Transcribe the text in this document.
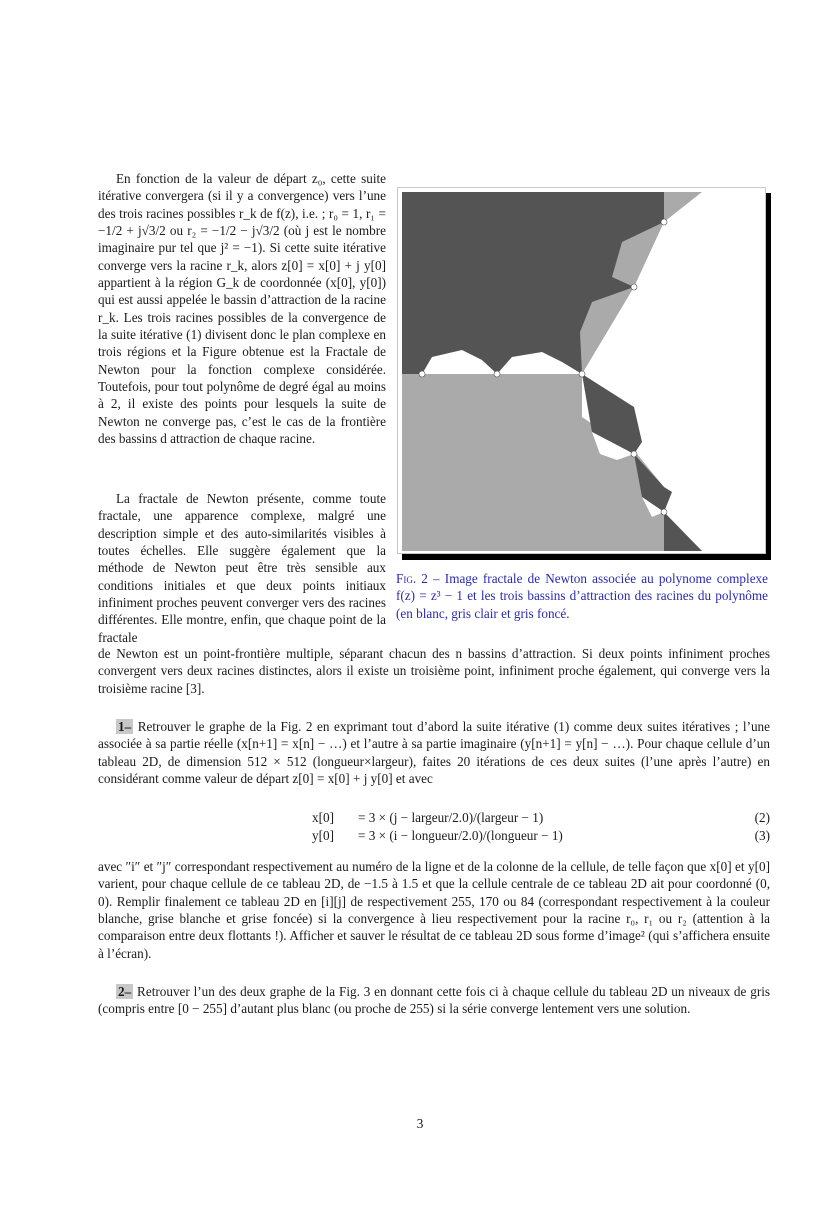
En fonction de la valeur de départ z₀, cette suite itérative convergera (si il y a convergence) vers l’une des trois racines possibles r_k de f(z), i.e. ; r₀ = 1, r₁ = −1/2 + j√3/2 ou r₂ = −1/2 − j√3/2 (où j est le nombre imaginaire pur tel que j² = −1). Si cette suite itérative converge vers la racine r_k, alors z[0] = x[0] + j y[0] appartient à la région G_k de coordonnée (x[0], y[0]) qui est aussi appelée le bassin d’attraction de la racine r_k. Les trois racines possibles de la convergence de la suite itérative (1) divisent donc le plan complexe en trois régions et la Figure obtenue est la Fractale de Newton pour la fonction complexe considérée. Toutefois, pour tout polynôme de degré égal au moins à 2, il existe des points pour lesquels la suite de Newton ne converge pas, c’est le cas de la frontière des bassins d attraction de chaque racine.
La fractale de Newton présente, comme toute fractale, une apparence complexe, malgré une description simple et des auto-similarités visibles à toutes échelles. Elle suggère également que la méthode de Newton peut être très sensible aux conditions initiales et que deux points initiaux infiniment proches peuvent converger vers des racines différentes. Elle montre, enfin, que chaque point de la fractale
de Newton est un point-frontière multiple, séparant chacun des n bassins d’attraction. Si deux points infiniment proches convergent vers deux racines distinctes, alors il existe un troisième point, infiniment proche également, qui converge vers la troisième racine [3].
Fig. 2 – Image fractale de Newton associée au polynome complexe f(z) = z³ − 1 et les trois bassins d’attraction des racines du polynôme (en blanc, gris clair et gris foncé.
1– Retrouver le graphe de la Fig. 2 en exprimant tout d’abord la suite itérative (1) comme deux suites itératives ; l’une associée à sa partie réelle (x[n+1] = x[n] − …) et l’autre à sa partie imaginaire (y[n+1] = y[n] − …). Pour chaque cellule d’un tableau 2D, de dimension 512 × 512 (longueur×largeur), faites 20 itérations de ces deux suites (l’une après l’autre) en considérant comme valeur de départ z[0] = x[0] + j y[0] et avec
x[0] = 3 × (j − largeur/2.0)/(largeur − 1)	(2)
y[0] = 3 × (i − longueur/2.0)/(longueur − 1)	(3)
avec ″i″ et ″j″ correspondant respectivement au numéro de la ligne et de la colonne de la cellule, de telle façon que x[0] et y[0] varient, pour chaque cellule de ce tableau 2D, de −1.5 à 1.5 et que la cellule centrale de ce tableau 2D ait pour coordonné (0, 0). Remplir finalement ce tableau 2D en [i][j] de respectivement 255, 170 ou 84 (correspondant respectivement à la couleur blanche, grise blanche et grise foncée) si la convergence à lieu respectivement pour la racine r₀, r₁ ou r₂ (attention à la comparaison entre deux flottants !). Afficher et sauver le résultat de ce tableau 2D sous forme d’image² (qui s’affichera ensuite à l’écran).
2– Retrouver l’un des deux graphe de la Fig. 3 en donnant cette fois ci à chaque cellule du tableau 2D un niveaux de gris (compris entre [0 − 255] d’autant plus blanc (ou proche de 255) si la série converge lentement vers une solution.
3
